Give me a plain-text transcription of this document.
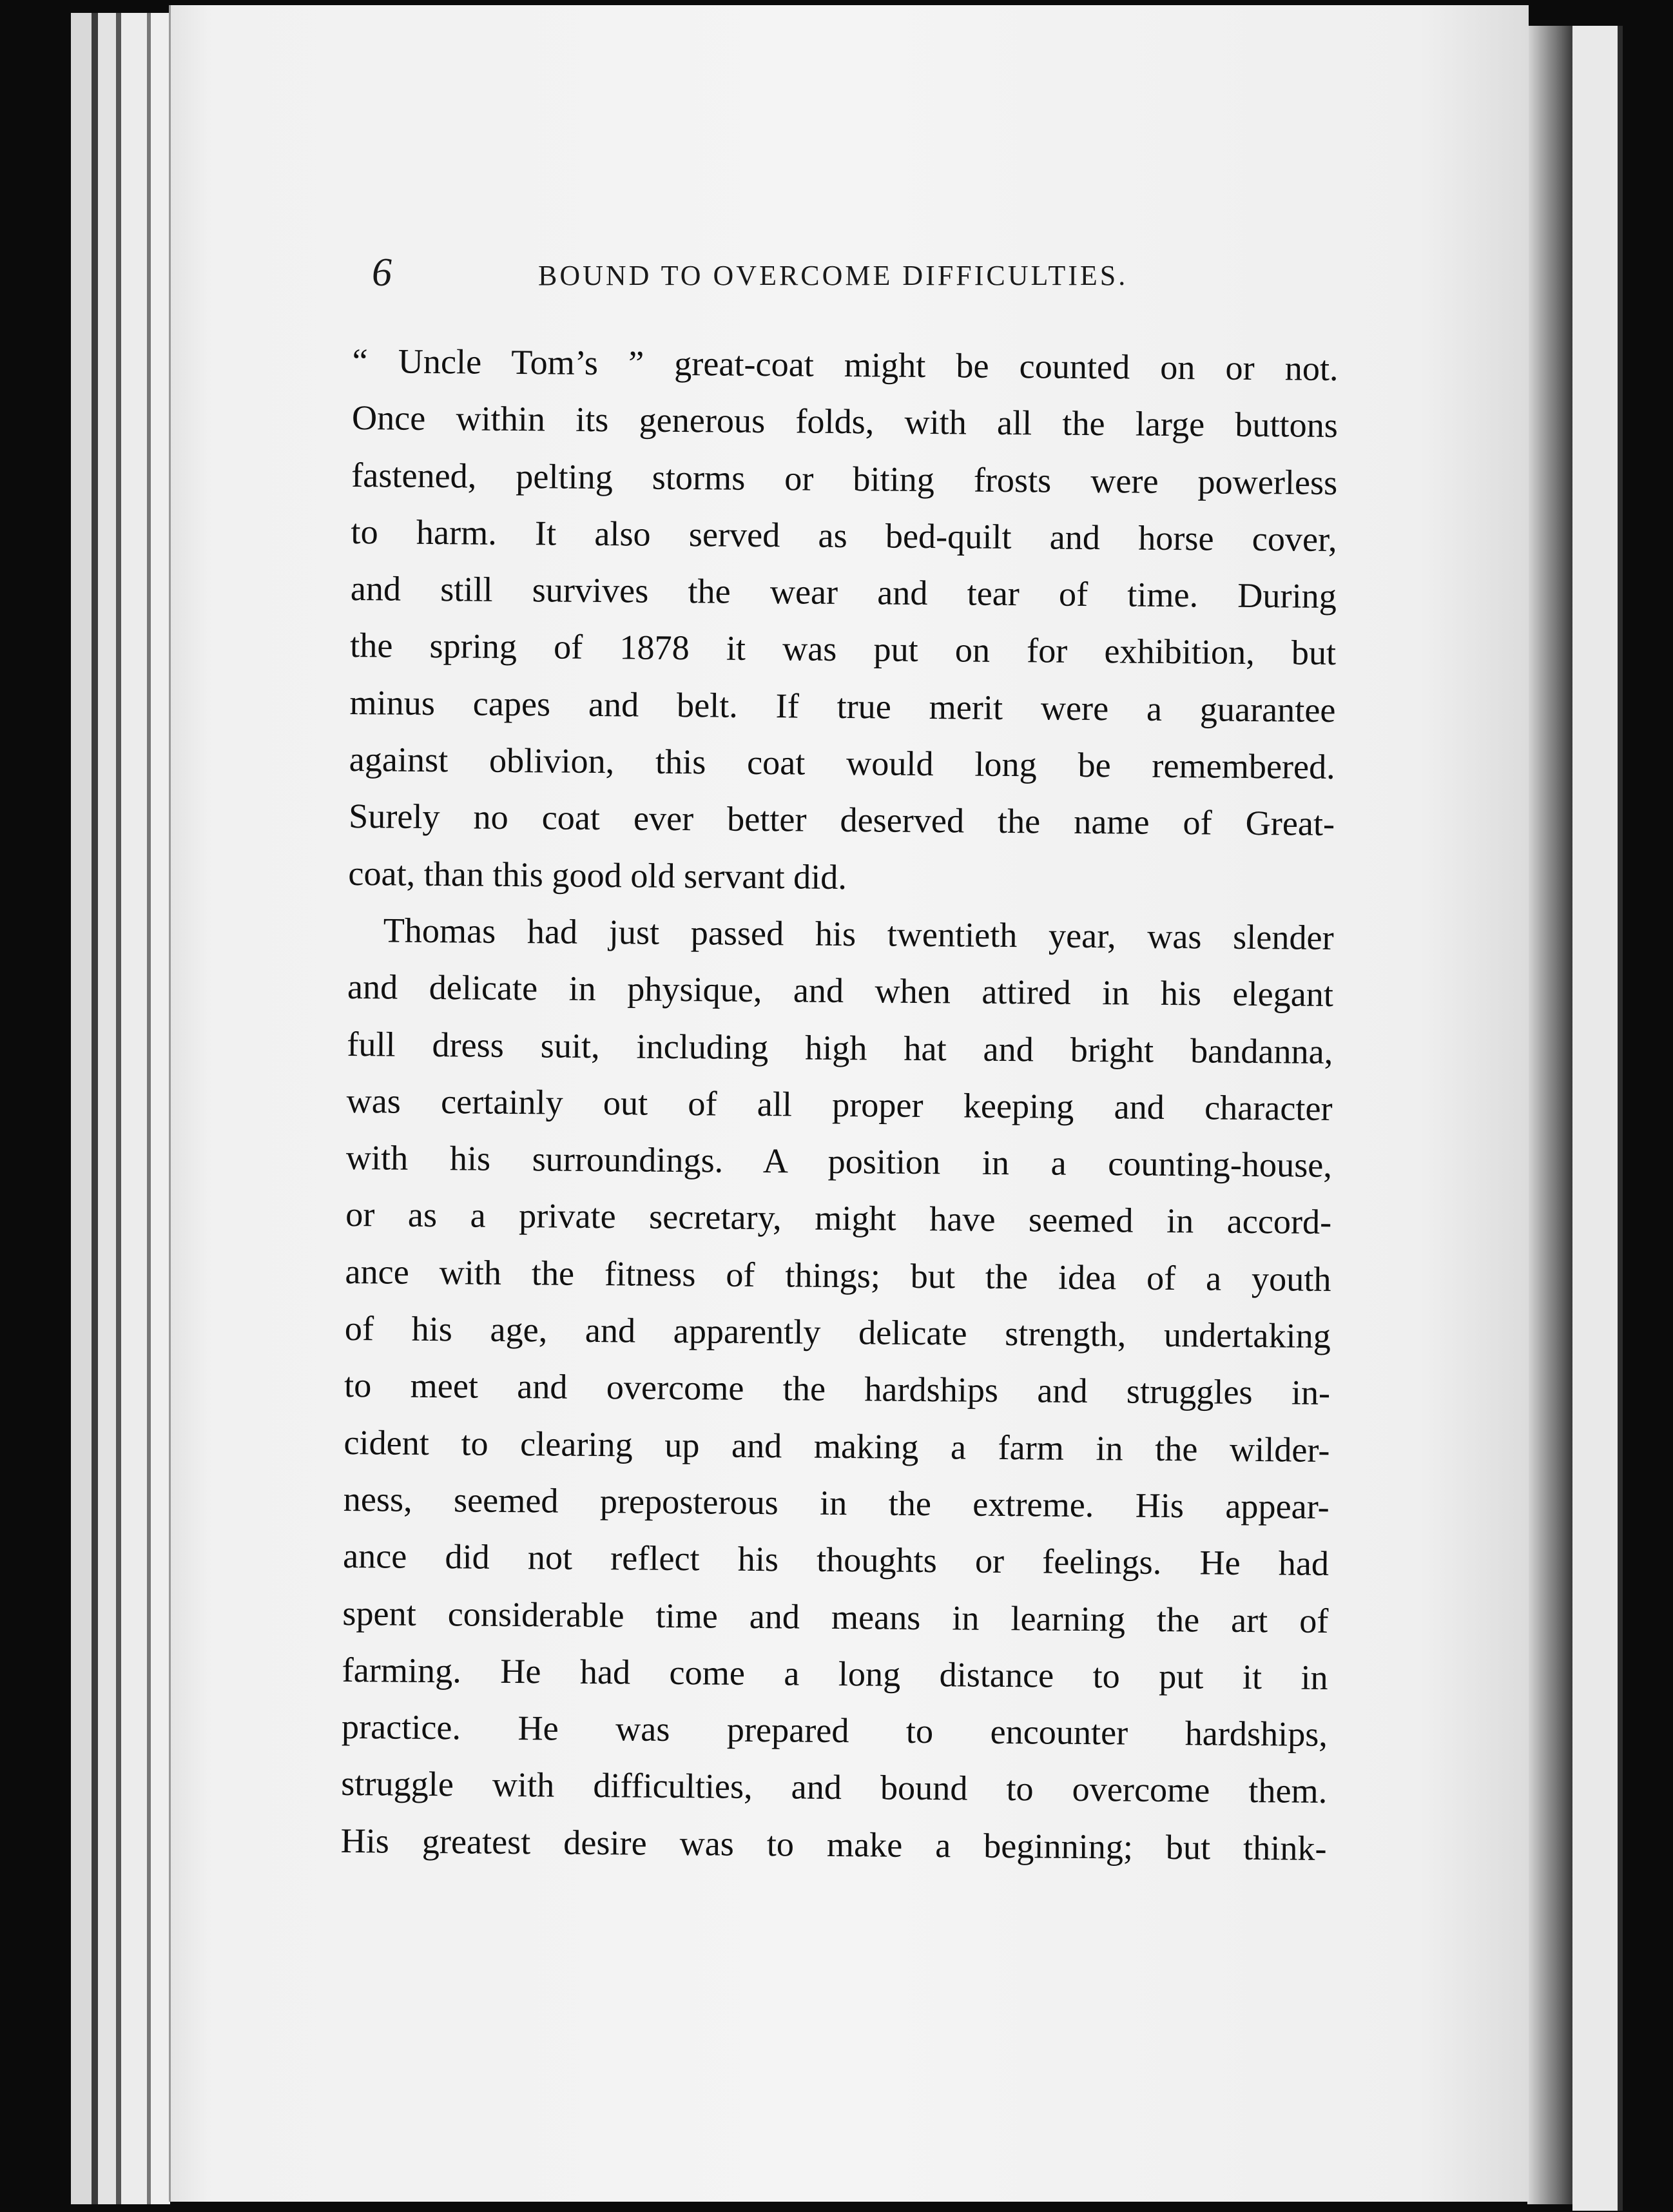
6	BOUND TO OVERCOME DIFFICULTIES.
“ Uncle Tom’s ” great-coat might be counted on or not.
Once within its generous folds, with all the large buttons
fastened, pelting storms or biting frosts were powerless
to harm. It also served as bed-quilt and horse cover,
and still survives the wear and tear of time. During
the spring of 1878 it was put on for exhibition, but
minus capes and belt. If true merit were a guarantee
against oblivion, this coat would long be remembered.
Surely no coat ever better deserved the name of Great-
coat, than this good old servant did.
Thomas had just passed his twentieth year, was slender
and delicate in physique, and when attired in his elegant
full dress suit, including high hat and bright bandanna,
was certainly out of all proper keeping and character
with his surroundings. A position in a counting-house,
or as a private secretary, might have seemed in accord-
ance with the fitness of things; but the idea of a youth
of his age, and apparently delicate strength, undertaking
to meet and overcome the hardships and struggles in-
cident to clearing up and making a farm in the wilder-
ness, seemed preposterous in the extreme. His appear-
ance did not reflect his thoughts or feelings. He had
spent considerable time and means in learning the art of
farming. He had come a long distance to put it in
practice. He was prepared to encounter hardships,
struggle with difficulties, and bound to overcome them.
His greatest desire was to make a beginning; but think-
